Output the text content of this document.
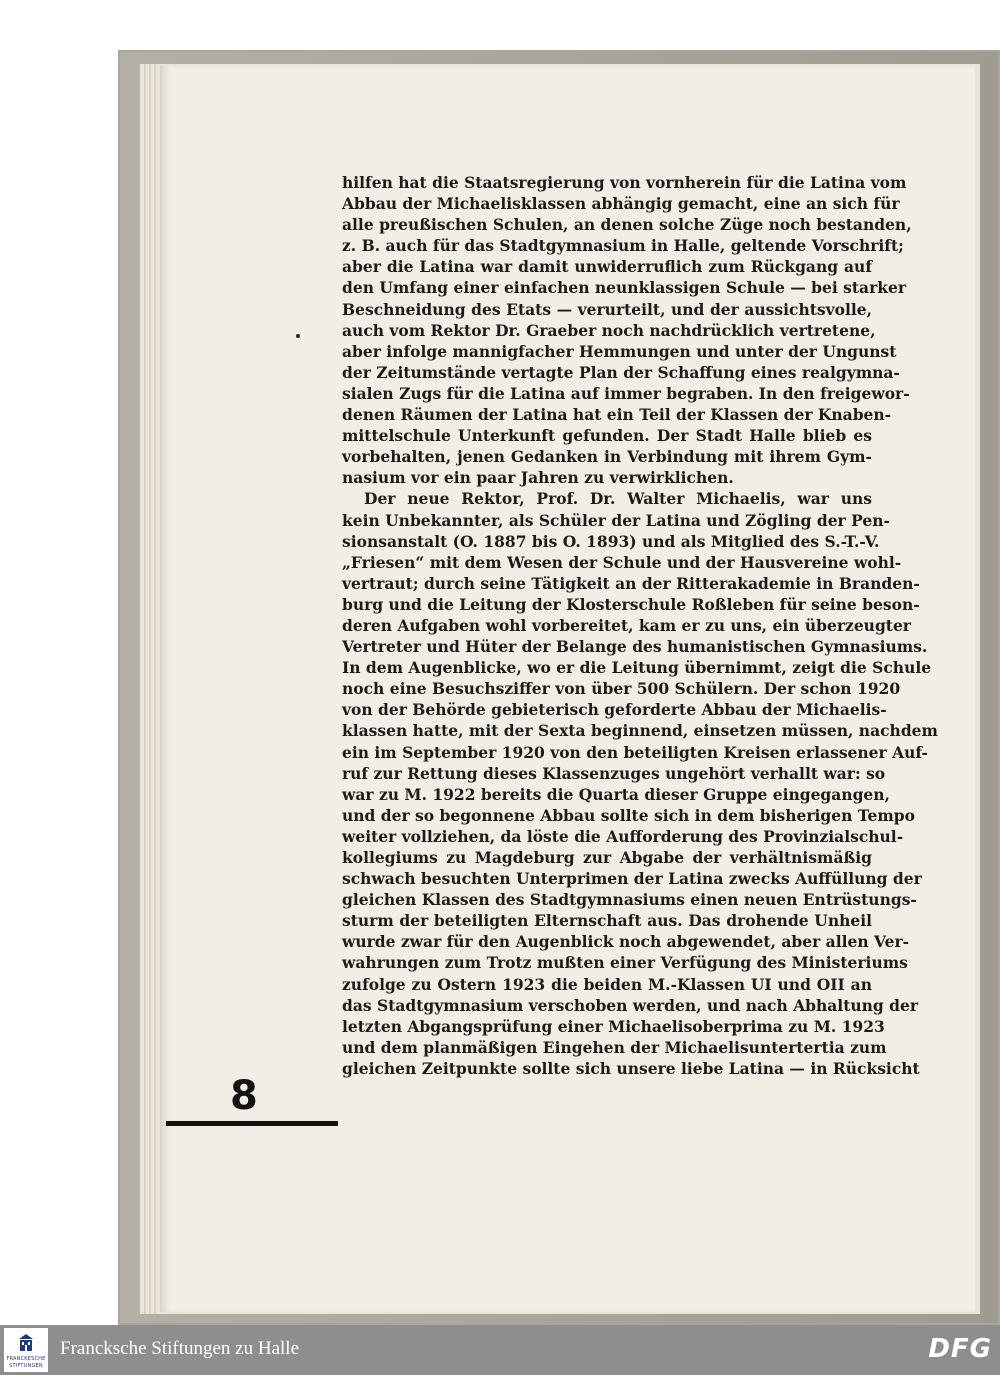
hilfen hat die Staatsregierung von vornherein für die Latina vom
Abbau der Michaelisklassen abhängig gemacht, eine an sich für
alle preußischen Schulen, an denen solche Züge noch bestanden,
z. B. auch für das Stadtgymnasium in Halle, geltende Vorschrift;
aber die Latina war damit unwiderruflich zum Rückgang auf
den Umfang einer einfachen neunklassigen Schule — bei starker
Beschneidung des Etats — verurteilt, und der aussichtsvolle,
auch vom Rektor Dr. Graeber noch nachdrücklich vertretene,
aber infolge mannigfacher Hemmungen und unter der Ungunst
der Zeitumstände vertagte Plan der Schaffung eines realgymna-
sialen Zugs für die Latina auf immer begraben. In den freigewor-
denen Räumen der Latina hat ein Teil der Klassen der Knaben-
mittelschule Unterkunft gefunden. Der Stadt Halle blieb es
vorbehalten, jenen Gedanken in Verbindung mit ihrem Gym-
nasium vor ein paar Jahren zu verwirklichen.
Der neue Rektor, Prof. Dr. Walter Michaelis, war uns
kein Unbekannter, als Schüler der Latina und Zögling der Pen-
sionsanstalt (O. 1887 bis O. 1893) und als Mitglied des S.-T.-V.
„Friesen“ mit dem Wesen der Schule und der Hausvereine wohl-
vertraut; durch seine Tätigkeit an der Ritterakademie in Branden-
burg und die Leitung der Klosterschule Roßleben für seine beson-
deren Aufgaben wohl vorbereitet, kam er zu uns, ein überzeugter
Vertreter und Hüter der Belange des humanistischen Gymnasiums.
In dem Augenblicke, wo er die Leitung übernimmt, zeigt die Schule
noch eine Besuchsziffer von über 500 Schülern. Der schon 1920
von der Behörde gebieterisch geforderte Abbau der Michaelis-
klassen hatte, mit der Sexta beginnend, einsetzen müssen, nachdem
ein im September 1920 von den beteiligten Kreisen erlassener Auf-
ruf zur Rettung dieses Klassenzuges ungehört verhallt war: so
war zu M. 1922 bereits die Quarta dieser Gruppe eingegangen,
und der so begonnene Abbau sollte sich in dem bisherigen Tempo
weiter vollziehen, da löste die Aufforderung des Provinzialschul-
kollegiums zu Magdeburg zur Abgabe der verhältnismäßig
schwach besuchten Unterprimen der Latina zwecks Auffüllung der
gleichen Klassen des Stadtgymnasiums einen neuen Entrüstungs-
sturm der beteiligten Elternschaft aus. Das drohende Unheil
wurde zwar für den Augenblick noch abgewendet, aber allen Ver-
wahrungen zum Trotz mußten einer Verfügung des Ministeriums
zufolge zu Ostern 1923 die beiden M.-Klassen UI und OII an
das Stadtgymnasium verschoben werden, und nach Abhaltung der
letzten Abgangsprüfung einer Michaelisoberprima zu M. 1923
und dem planmäßigen Eingehen der Michaelisuntertertia zum
gleichen Zeitpunkte sollte sich unsere liebe Latina — in Rücksicht
8
FRANCKESCHE
STIFTUNGEN
Francksche Stiftungen zu Halle	DFG
